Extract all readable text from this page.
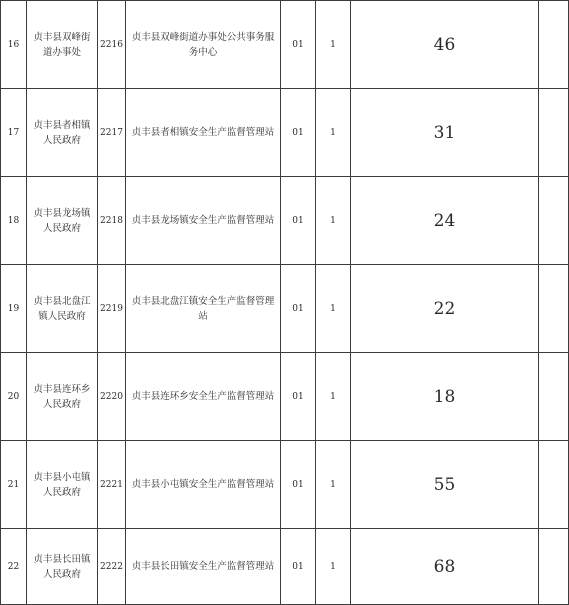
16	贞丰县双峰街道办事处	2216	贞丰县双峰街道办事处公共事务服务中心	01	1	46	
17	贞丰县者相镇人民政府	2217	贞丰县者相镇安全生产监督管理站	01	1	31	
18	贞丰县龙场镇人民政府	2218	贞丰县龙场镇安全生产监督管理站	01	1	24	
19	贞丰县北盘江镇人民政府	2219	贞丰县北盘江镇安全生产监督管理站	01	1	22	
20	贞丰县连环乡人民政府	2220	贞丰县连环乡安全生产监督管理站	01	1	18	
21	贞丰县小屯镇人民政府	2221	贞丰县小屯镇安全生产监督管理站	01	1	55	
22	贞丰县长田镇人民政府	2222	贞丰县长田镇安全生产监督管理站	01	1	68	
